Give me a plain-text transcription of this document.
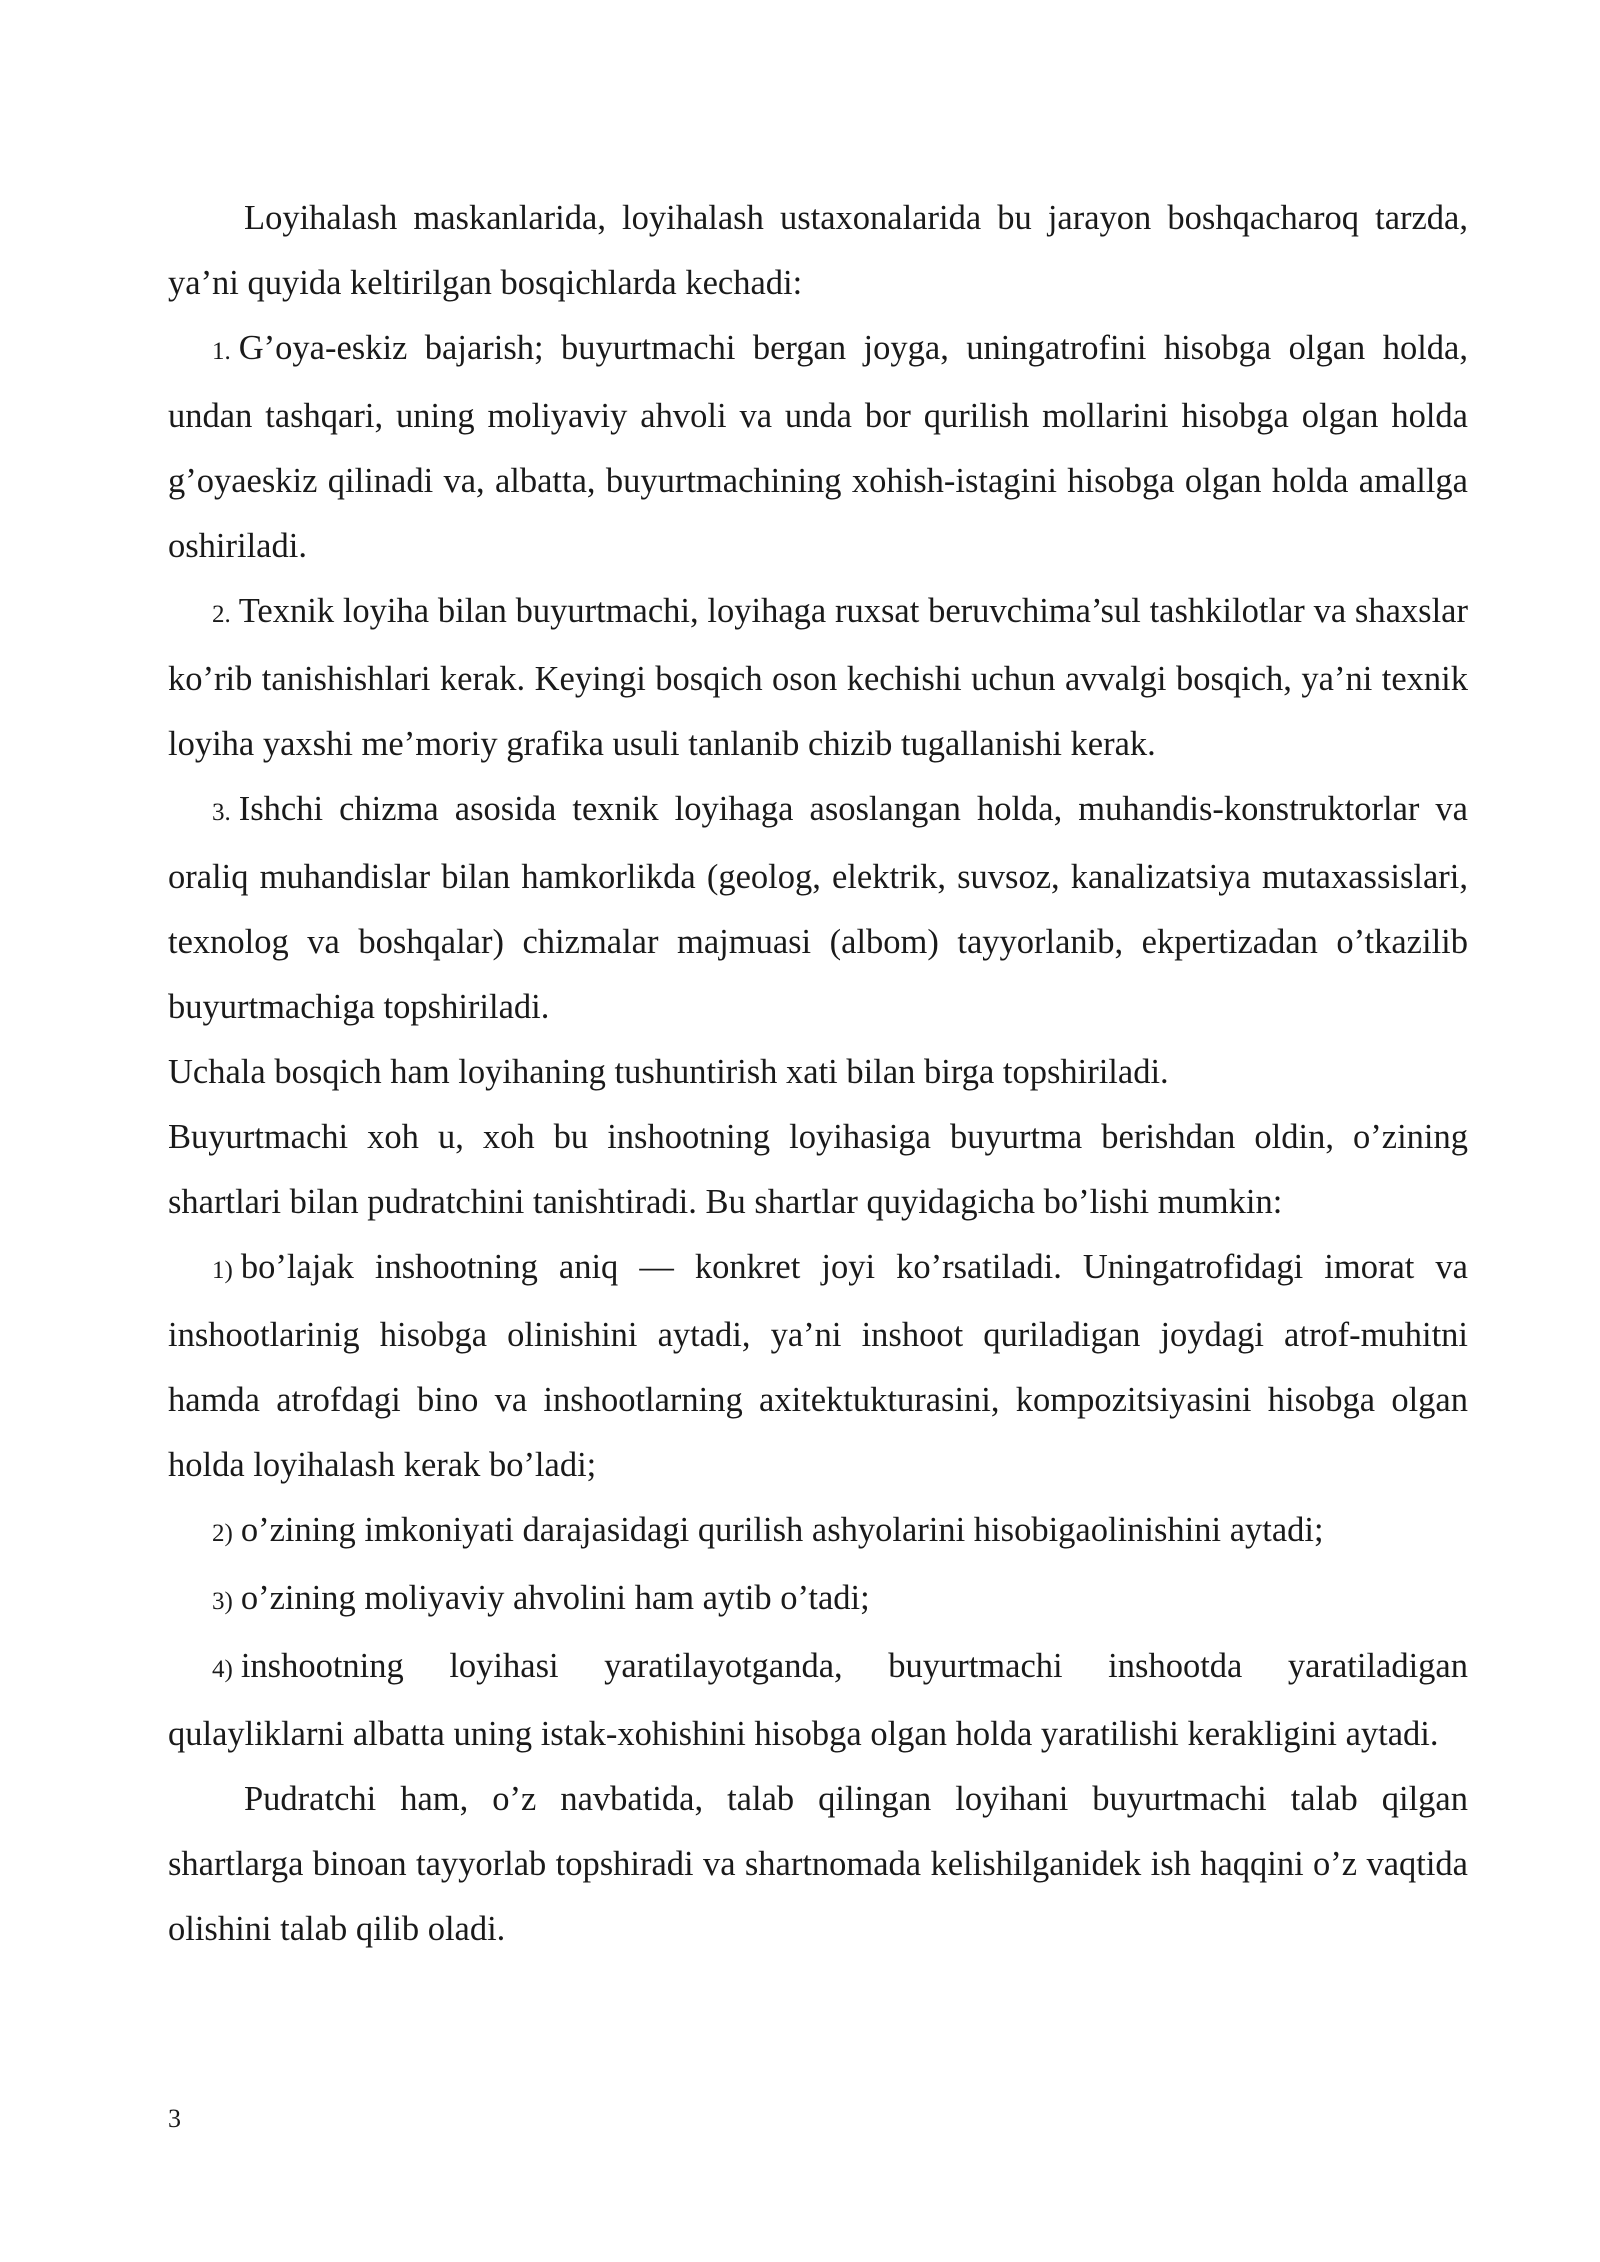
Loyihalash maskanlarida, loyihalash ustaxonalarida bu jarayon boshqacharoq tarzda, ya’ni quyida keltirilgan bosqichlarda kechadi:

1. G’oya-eskiz bajarish; buyurtmachi bergan joyga, uningatrofini hisobga olgan holda, undan tashqari, uning moliyaviy ahvoli va unda bor qurilish mollarini hisobga olgan holda g’oyaeskiz qilinadi va, albatta, buyurtmachining xohish-istagini hisobga olgan holda amallga oshiriladi.

2. Texnik loyiha bilan buyurtmachi, loyihaga ruxsat beruvchima’sul tashkilotlar va shaxslar ko’rib tanishishlari kerak. Keyingi bosqich oson kechishi uchun avvalgi bosqich, ya’ni texnik loyiha yaxshi me’moriy grafika usuli tanlanib chizib tugallanishi kerak.

3. Ishchi chizma asosida texnik loyihaga asoslangan holda, muhandis-konstruktorlar va oraliq muhandislar bilan hamkorlikda (geolog, elektrik, suvsoz, kanalizatsiya mutaxassislari, texnolog va boshqalar) chizmalar majmuasi (albom) tayyorlanib, ekpertizadan o’tkazilib buyurtmachiga topshiriladi.

Uchala bosqich ham loyihaning tushuntirish xati bilan birga topshiriladi.

Buyurtmachi xoh u, xoh bu inshootning loyihasiga buyurtma berishdan oldin, o’zining shartlari bilan pudratchini tanishtiradi. Bu shartlar quyidagicha bo’lishi mumkin:

1) bo’lajak inshootning aniq — konkret joyi ko’rsatiladi. Uningatrofidagi imorat va inshootlarinig hisobga olinishini aytadi, ya’ni inshoot quriladigan joydagi atrof-muhitni hamda atrofdagi bino va inshootlarning axitektukturasini, kompozitsiyasini hisobga olgan holda loyihalash kerak bo’ladi;

2) o’zining imkoniyati darajasidagi qurilish ashyolarini hisobigaolinishini aytadi;

3) o’zining moliyaviy ahvolini ham aytib o’tadi;

4) inshootning loyihasi yaratilayotganda, buyurtmachi inshootda yaratiladigan qulayliklarni albatta uning istak-xohishini hisobga olgan holda yaratilishi kerakligini aytadi.

Pudratchi ham, o’z navbatida, talab qilingan loyihani buyurtmachi talab qilgan shartlarga binoan tayyorlab topshiradi va shartnomada kelishilganidek ish haqqini o’z vaqtida olishini talab qilib oladi.

3
